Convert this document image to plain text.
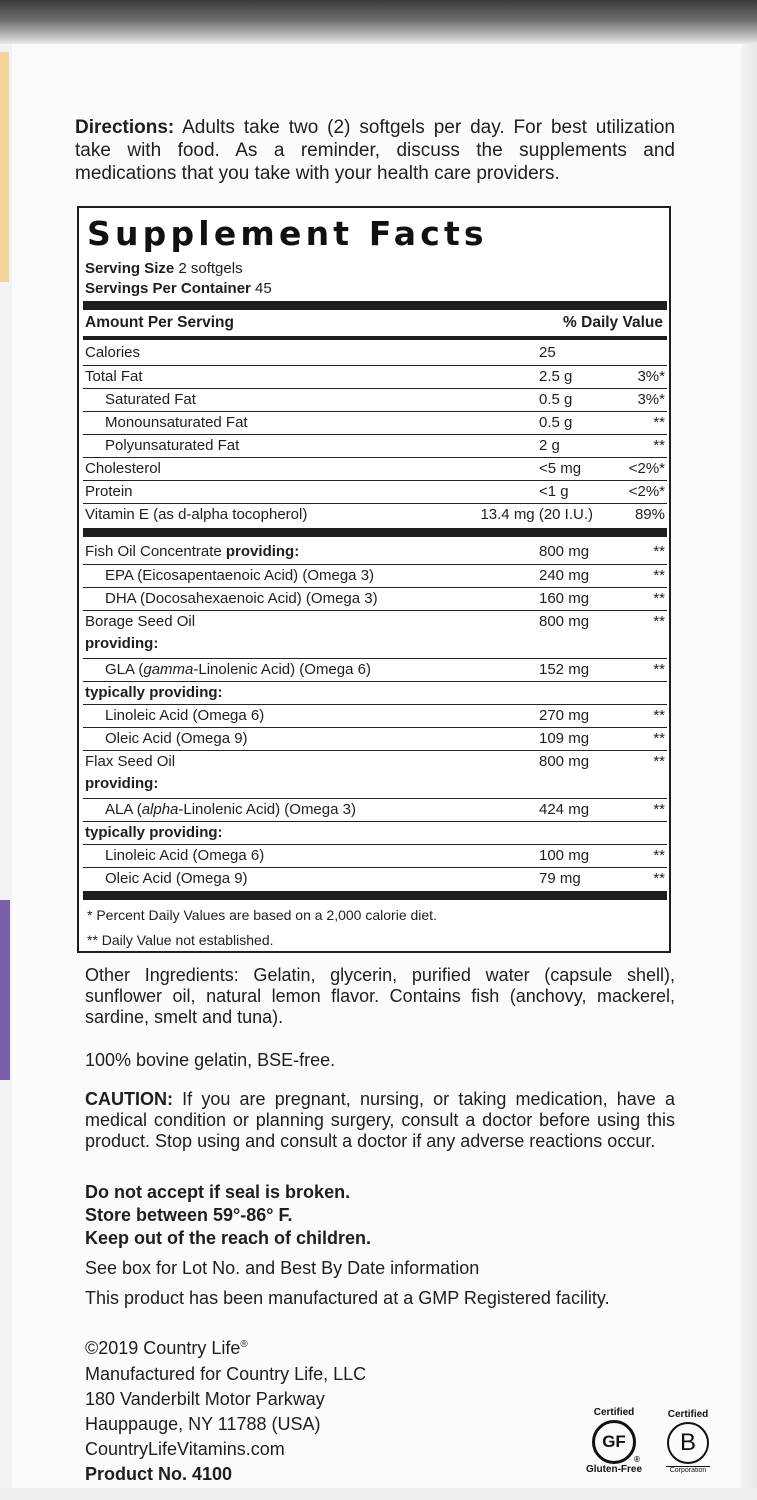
Directions: Adults take two (2) softgels per day. For best utilization take with food. As a reminder, discuss the supplements and medications that you take with your health care providers.
Supplement Facts
Serving Size 2 softgels
Servings Per Container 45
Amount Per Serving	% Daily Value
Calories	25
Total Fat	2.5 g	3%*
Saturated Fat	0.5 g	3%*
Monounsaturated Fat	0.5 g	**
Polyunsaturated Fat	2 g	**
Cholesterol	<5 mg	<2%*
Protein	<1 g	<2%*
Vitamin E (as d-alpha tocopherol)	13.4 mg (20 I.U.)	89%
Fish Oil Concentrate providing:	800 mg	**
EPA (Eicosapentaenoic Acid) (Omega 3)	240 mg	**
DHA (Docosahexaenoic Acid) (Omega 3)	160 mg	**
Borage Seed Oil	800 mg	**
providing:
GLA (gamma-Linolenic Acid) (Omega 6)	152 mg	**
typically providing:
Linoleic Acid (Omega 6)	270 mg	**
Oleic Acid (Omega 9)	109 mg	**
Flax Seed Oil	800 mg	**
providing:
ALA (alpha-Linolenic Acid) (Omega 3)	424 mg	**
typically providing:
Linoleic Acid (Omega 6)	100 mg	**
Oleic Acid (Omega 9)	79 mg	**
* Percent Daily Values are based on a 2,000 calorie diet.
** Daily Value not established.
Other Ingredients: Gelatin, glycerin, purified water (capsule shell), sunflower oil, natural lemon flavor. Contains fish (anchovy, mackerel, sardine, smelt and tuna).
100% bovine gelatin, BSE-free.
CAUTION: If you are pregnant, nursing, or taking medication, have a medical condition or planning surgery, consult a doctor before using this product. Stop using and consult a doctor if any adverse reactions occur.
Do not accept if seal is broken.
Store between 59°-86° F.
Keep out of the reach of children.
See box for Lot No. and Best By Date information
This product has been manufactured at a GMP Registered facility.
©2019 Country Life®
Manufactured for Country Life, LLC
180 Vanderbilt Motor Parkway
Hauppauge, NY 11788 (USA)
CountryLifeVitamins.com
Product No. 4100
Certified
GF
Gluten-Free
®
Certified
B
Corporation
